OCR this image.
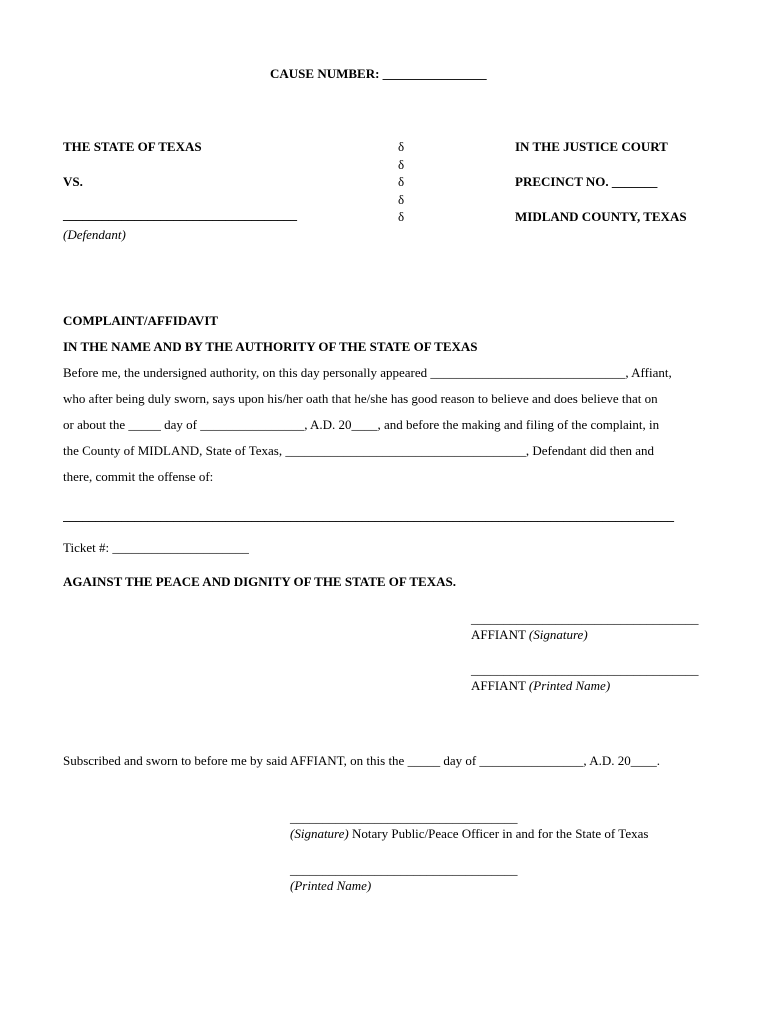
CAUSE NUMBER: ________________
THE STATE OF TEXAS
VS.
____________________________________
(Defendant)
δ
δ
δ
δ
δ
IN THE JUSTICE COURT
PRECINCT NO. _______
MIDLAND COUNTY, TEXAS
COMPLAINT/AFFIDAVIT
IN THE NAME AND BY THE AUTHORITY OF THE STATE OF TEXAS
Before me, the undersigned authority, on this day personally appeared ______________________________, Affiant,
who after being duly sworn, says upon his/her oath that he/she has good reason to believe and does believe that on
or about the _____ day of ________________, A.D. 20____, and before the making and filing of the complaint, in
the County of MIDLAND, State of Texas, _____________________________________, Defendant did then and
there, commit the offense of:
______________________________________________________________________________________________
Ticket #: _____________________
AGAINST THE PEACE AND DIGNITY OF THE STATE OF TEXAS.
___________________________________
AFFIANT (Signature)
___________________________________
AFFIANT (Printed Name)
Subscribed and sworn to before me by said AFFIANT, on this the _____ day of ________________, A.D. 20____.
___________________________________
(Signature) Notary Public/Peace Officer in and for the State of Texas
___________________________________
(Printed Name)
